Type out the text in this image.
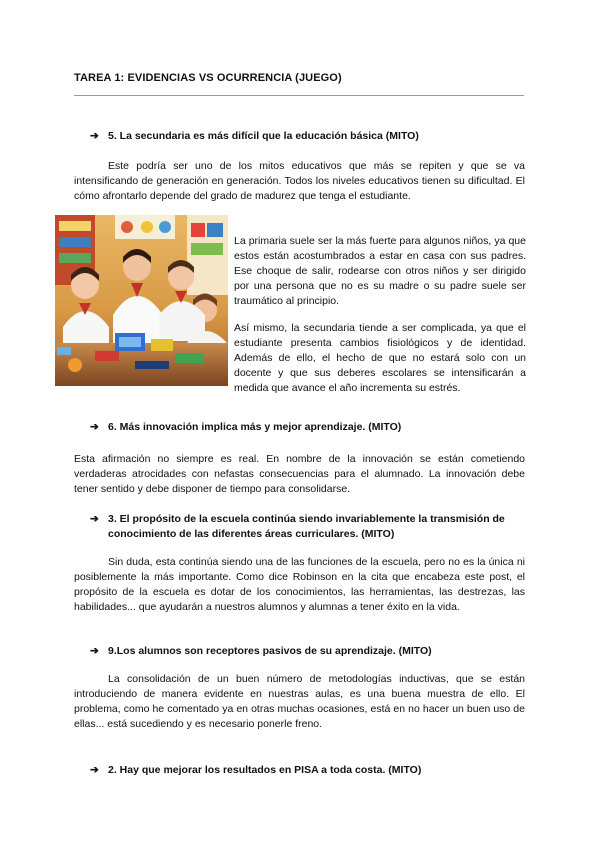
TAREA 1: EVIDENCIAS VS OCURRENCIA (JUEGO)
➔ 5. La secundaria es más difícil que la educación básica (MITO)
Este podría ser uno de los mitos educativos que más se repiten y que se va intensificando de generación en generación. Todos los niveles educativos tienen su dificultad. El cómo afrontarlo depende del grado de madurez que tenga el estudiante.
La primaria suele ser la más fuerte para algunos niños, ya que estos están acostumbrados a estar en casa con sus padres. Ese choque de salir, rodearse con otros niños y ser dirigido por una persona que no es su madre o su padre suele ser traumático al principio.
Así mismo, la secundaria tiende a ser complicada, ya que el estudiante presenta cambios fisiológicos y de identidad. Además de ello, el hecho de que no estará solo con un docente y que sus deberes escolares se intensificarán a medida que avance el año incrementa su estrés.
➔ 6. Más innovación implica más y mejor aprendizaje. (MITO)
Esta afirmación no siempre es real. En nombre de la innovación se están cometiendo verdaderas atrocidades con nefastas consecuencias para el alumnado. La innovación debe tener sentido y debe disponer de tiempo para consolidarse.
➔ 3. El propósito de la escuela continúa siendo invariablemente la transmisión de conocimiento de las diferentes áreas curriculares. (MITO)
Sin duda, esta continúa siendo una de las funciones de la escuela, pero no es la única ni posiblemente la más importante. Como dice Robinson en la cita que encabeza este post, el propósito de la escuela es dotar de los conocimientos, las herramientas, las destrezas, las habilidades... que ayudarán a nuestros alumnos y alumnas a tener éxito en la vida.
➔ 9.Los alumnos son receptores pasivos de su aprendizaje. (MITO)
La consolidación de un buen número de metodologías inductivas, que se están introduciendo de manera evidente en nuestras aulas, es una buena muestra de ello. El problema, como he comentado ya en otras muchas ocasiones, está en no hacer un buen uso de ellas... está sucediendo y es necesario ponerle freno.
➔ 2. Hay que mejorar los resultados en PISA a toda costa. (MITO)
